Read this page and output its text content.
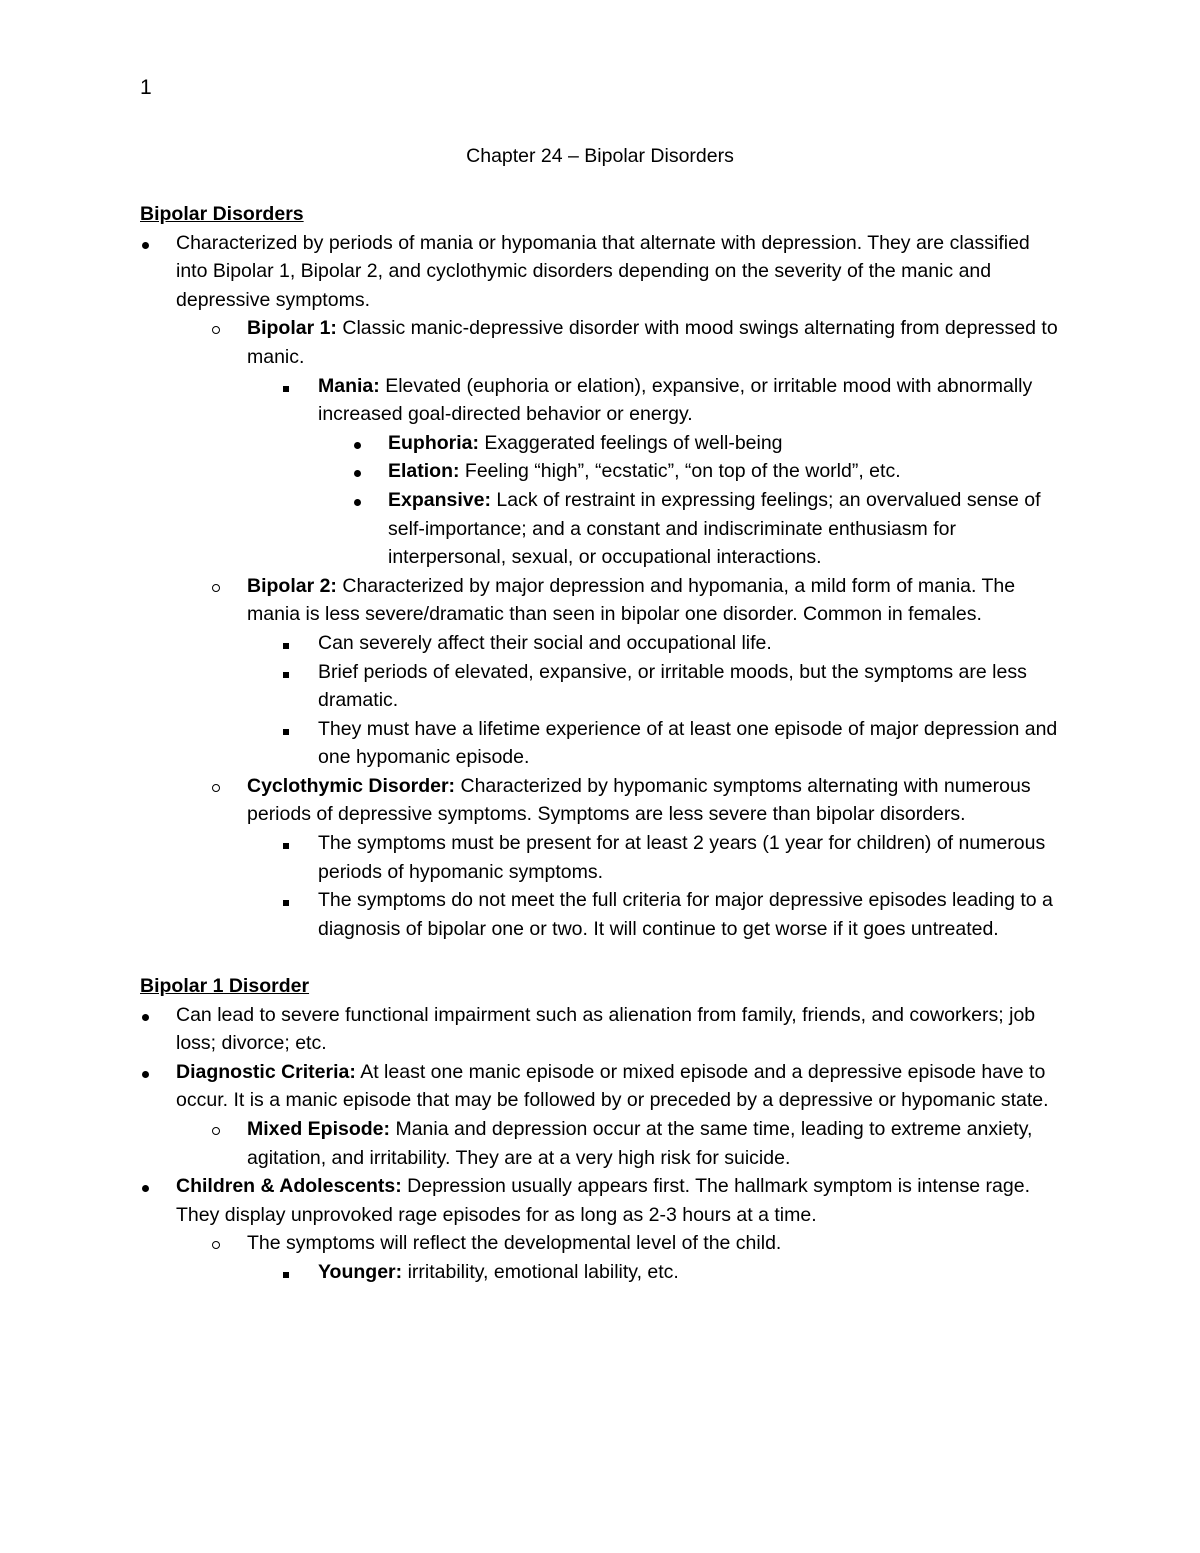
1
Chapter 24 – Bipolar Disorders

Bipolar Disorders

Characterized by periods of mania or hypomania that alternate with depression. They are classified into Bipolar 1, Bipolar 2, and cyclothymic disorders depending on the severity of the manic and depressive symptoms.

Bipolar 1: Classic manic-depressive disorder with mood swings alternating from depressed to manic.

Mania: Elevated (euphoria or elation), expansive, or irritable mood with abnormally increased goal-directed behavior or energy.

Euphoria: Exaggerated feelings of well-being

Elation: Feeling “high”, “ecstatic”, “on top of the world”, etc.

Expansive: Lack of restraint in expressing feelings; an overvalued sense of self-importance; and a constant and indiscriminate enthusiasm for interpersonal, sexual, or occupational interactions.

Bipolar 2: Characterized by major depression and hypomania, a mild form of mania. The mania is less severe/dramatic than seen in bipolar one disorder. Common in females.

Can severely affect their social and occupational life.

Brief periods of elevated, expansive, or irritable moods, but the symptoms are less dramatic.

They must have a lifetime experience of at least one episode of major depression and one hypomanic episode.

Cyclothymic Disorder: Characterized by hypomanic symptoms alternating with numerous periods of depressive symptoms. Symptoms are less severe than bipolar disorders.

The symptoms must be present for at least 2 years (1 year for children) of numerous periods of hypomanic symptoms.

The symptoms do not meet the full criteria for major depressive episodes leading to a diagnosis of bipolar one or two. It will continue to get worse if it goes untreated.

Bipolar 1 Disorder

Can lead to severe functional impairment such as alienation from family, friends, and coworkers; job loss; divorce; etc.

Diagnostic Criteria: At least one manic episode or mixed episode and a depressive episode have to occur. It is a manic episode that may be followed by or preceded by a depressive or hypomanic state.

Mixed Episode: Mania and depression occur at the same time, leading to extreme anxiety, agitation, and irritability. They are at a very high risk for suicide.

Children & Adolescents: Depression usually appears first. The hallmark symptom is intense rage. They display unprovoked rage episodes for as long as 2-3 hours at a time.

The symptoms will reflect the developmental level of the child.

Younger: irritability, emotional lability, etc.
